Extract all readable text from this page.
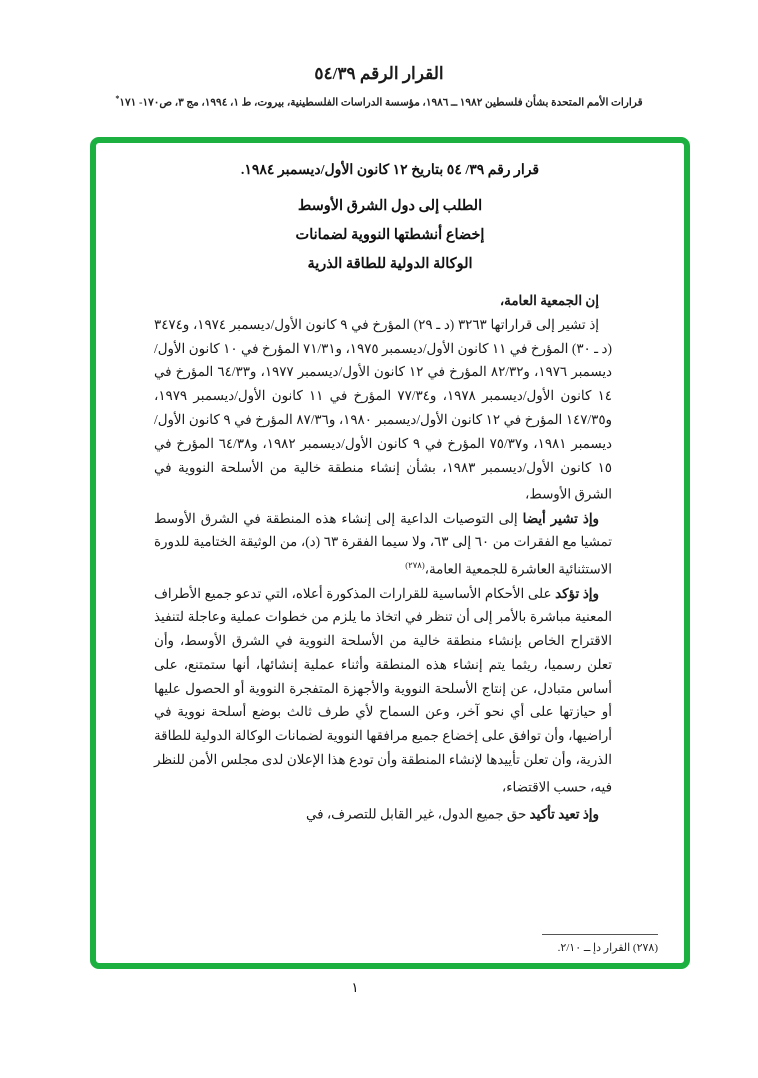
القرار الرقم ٥٤/٣٩
قرارات الأمم المتحدة بشأن فلسطين ١٩٨٢ ــ ١٩٨٦، مؤسسة الدراسات الفلسطينية، بيروت، ط ١، ١٩٩٤، مج ٣، ص١٧٠- ١٧١*
قرار رقم ٣٩/ ٥٤ بتاريخ ١٢ كانون الأول/ديسمبر ١٩٨٤.
الطلب إلى دول الشرق الأوسط
إخضاع أنشطتها النووية لضمانات
الوكالة الدولية للطاقة الذرية

إن الجمعية العامة،

إذ تشير إلى قراراتها ٣٢٦٣ (د ـ ٢٩) المؤرخ في ٩ كانون الأول/ديسمبر ١٩٧٤، و٣٤٧٤ (د ـ ٣٠) المؤرخ في ١١ كانون الأول/ديسمبر ١٩٧٥، و٧١/٣١ المؤرخ في ١٠ كانون الأول/ديسمبر ١٩٧٦، و٨٢/٣٢ المؤرخ في ١٢ كانون الأول/ديسمبر ١٩٧٧، و٦٤/٣٣ المؤرخ في ١٤ كانون الأول/ديسمبر ١٩٧٨، و٧٧/٣٤ المؤرخ في ١١ كانون الأول/ديسمبر ١٩٧٩، و١٤٧/٣٥ المؤرخ في ١٢ كانون الأول/ديسمبر ١٩٨٠، و٨٧/٣٦ المؤرخ في ٩ كانون الأول/ديسمبر ١٩٨١، و٧٥/٣٧ المؤرخ في ٩ كانون الأول/ديسمبر ١٩٨٢، و٦٤/٣٨ المؤرخ في ١٥ كانون الأول/ديسمبر ١٩٨٣، بشأن إنشاء منطقة خالية من الأسلحة النووية في الشرق الأوسط،

وإذ تشير أيضا إلى التوصيات الداعية إلى إنشاء هذه المنطقة في الشرق الأوسط تمشيا مع الفقرات من ٦٠ إلى ٦٣، ولا سيما الفقرة ٦٣ (د)، من الوثيقة الختامية للدورة الاستثنائية العاشرة للجمعية العامة،$^{(٢٧٨)}$

وإذ تؤكد على الأحكام الأساسية للقرارات المذكورة أعلاه، التي تدعو جميع الأطراف المعنية مباشرة بالأمر إلى أن تنظر في اتخاذ ما يلزم من خطوات عملية وعاجلة لتنفيذ الاقتراح الخاص بإنشاء منطقة خالية من الأسلحة النووية في الشرق الأوسط، وأن تعلن رسميا، ريثما يتم إنشاء هذه المنطقة وأثناء عملية إنشائها، أنها ستمتنع، على أساس متبادل، عن إنتاج الأسلحة النووية والأجهزة المتفجرة النووية أو الحصول عليها أو حيازتها على أي نحو آخر، وعن السماح لأي طرف ثالث بوضع أسلحة نووية في أراضيها، وأن توافق على إخضاع جميع مرافقها النووية لضمانات الوكالة الدولية للطاقة الذرية، وأن تعلن تأييدها لإنشاء المنطقة وأن تودع هذا الإعلان لدى مجلس الأمن للنظر فيه، حسب الاقتضاء،

وإذ تعيد تأكيد حق جميع الدول، غير القابل للتصرف، في

(٢٧٨) القرار دإ ــ ٢/١٠.
١
